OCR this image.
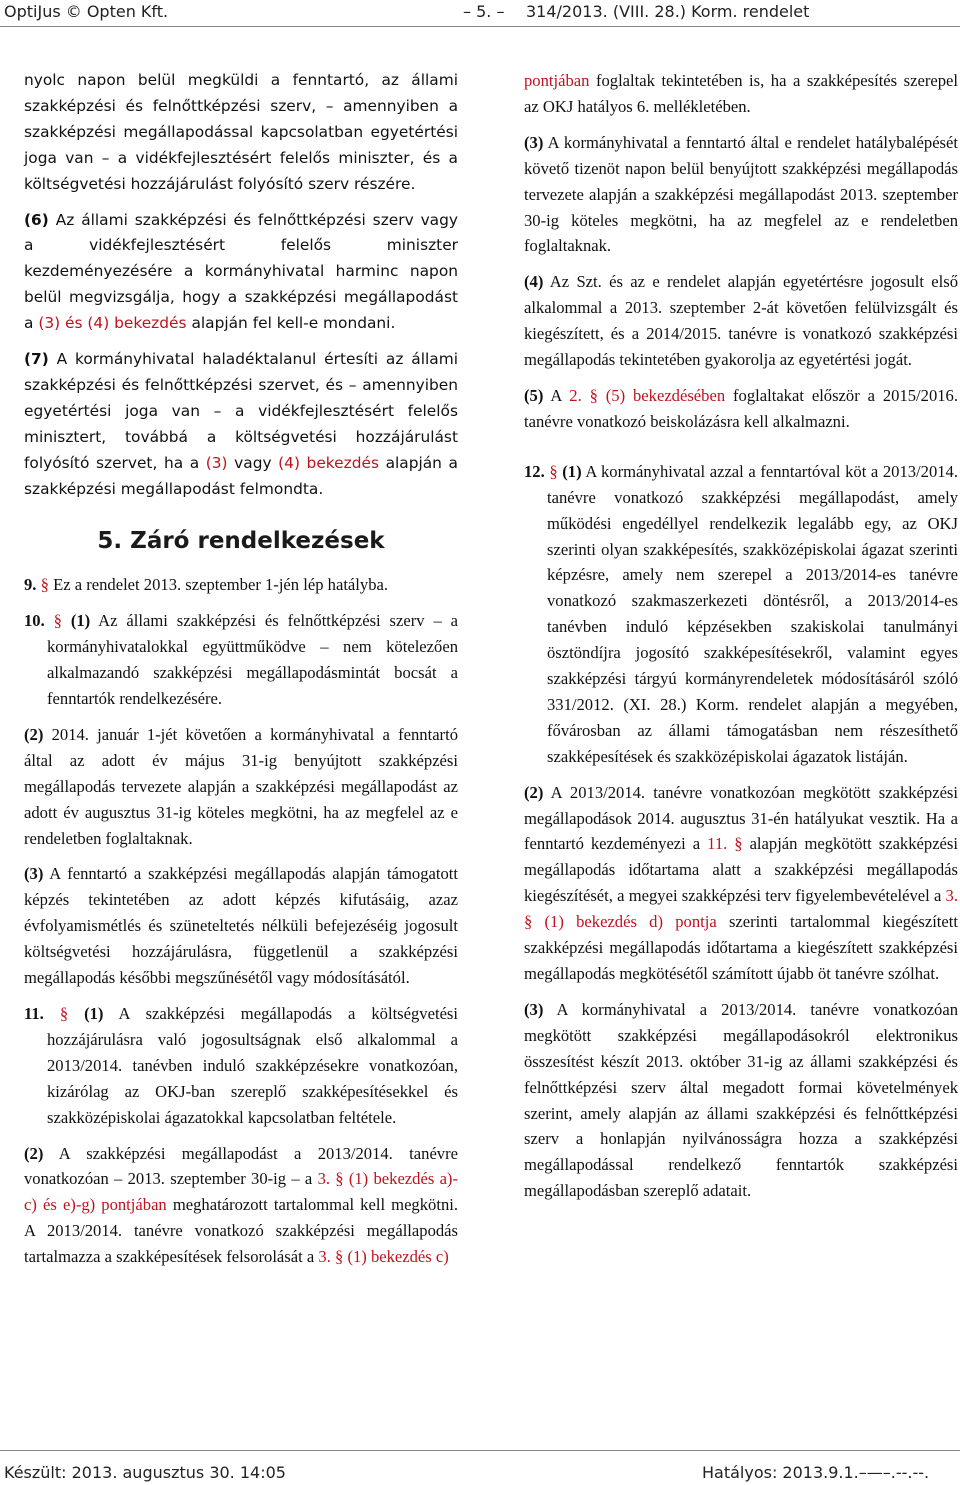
OptiJus © Opten Kft.	– 5. – 314/2013. (VIII. 28.) Korm. rendelet

nyolc napon belül megküldi a fenntartó, az állami szakképzési és felnőttképzési szerv, – amennyiben a szakképzési megállapodással kapcsolatban egyetértési joga van – a vidékfejlesztésért felelős miniszter, és a költségvetési hozzájárulást folyósító szerv részére.

(6) Az állami szakképzési és felnőttképzési szerv vagy a vidékfejlesztésért felelős miniszter kezdeményezésére a kormányhivatal harminc napon belül megvizsgálja, hogy a szakképzési megállapodást a (3) és (4) bekezdés alapján fel kell-e mondani.

(7) A kormányhivatal haladéktalanul értesíti az állami szakképzési és felnőttképzési szervet, és – amennyiben egyetértési joga van – a vidékfejlesztésért felelős minisztert, továbbá a költségvetési hozzájárulást folyósító szervet, ha a (3) vagy (4) bekezdés alapján a szakképzési megállapodást felmondta.

5. Záró rendelkezések

9. § Ez a rendelet 2013. szeptember 1-jén lép hatályba.

10. § (1) Az állami szakképzési és felnőttképzési szerv – a kormányhivatalokkal együttműködve – nem kötelezően alkalmazandó szakképzési megállapodásmintát bocsát a fenntartók rendelkezésére.

(2) 2014. január 1-jét követően a kormányhivatal a fenntartó által az adott év május 31-ig benyújtott szakképzési megállapodás tervezete alapján a szakképzési megállapodást az adott év augusztus 31-ig köteles megkötni, ha az megfelel az e rendeletben foglaltaknak.

(3) A fenntartó a szakképzési megállapodás alapján támogatott képzés tekintetében az adott képzés kifutásáig, azaz évfolyamismétlés és szüneteltetés nélküli befejezéséig jogosult költségvetési hozzájárulásra, függetlenül a szakképzési megállapodás későbbi megszűnésétől vagy módosításától.

11. § (1) A szakképzési megállapodás a költségvetési hozzájárulásra való jogosultságnak első alkalommal a 2013/2014. tanévben induló szakképzésekre vonatkozóan, kizárólag az OKJ-ban szereplő szakképesítésekkel és szakközépiskolai ágazatokkal kapcsolatban feltétele.

(2) A szakképzési megállapodást a 2013/2014. tanévre vonatkozóan – 2013. szeptember 30-ig – a 3. § (1) bekezdés a)-c) és e)-g) pontjában meghatározott tartalommal kell megkötni. A 2013/2014. tanévre vonatkozó szakképzési megállapodás tartalmazza a szakképesítések felsorolását a 3. § (1) bekezdés c)

pontjában foglaltak tekintetében is, ha a szakképesítés szerepel az OKJ hatályos 6. mellékletében.

(3) A kormányhivatal a fenntartó által e rendelet hatálybalépését követő tizenöt napon belül benyújtott szakképzési megállapodás tervezete alapján a szakképzési megállapodást 2013. szeptember 30-ig köteles megkötni, ha az megfelel az e rendeletben foglaltaknak.

(4) Az Szt. és az e rendelet alapján egyetértésre jogosult első alkalommal a 2013. szeptember 2-át követően felülvizsgált és kiegészített, és a 2014/2015. tanévre is vonatkozó szakképzési megállapodás tekintetében gyakorolja az egyetértési jogát.

(5) A 2. § (5) bekezdésében foglaltakat először a 2015/2016. tanévre vonatkozó beiskolázásra kell alkalmazni.

12. § (1) A kormányhivatal azzal a fenntartóval köt a 2013/2014. tanévre vonatkozó szakképzési megállapodást, amely működési engedéllyel rendelkezik legalább egy, az OKJ szerinti olyan szakképesítés, szakközépiskolai ágazat szerinti képzésre, amely nem szerepel a 2013/2014-es tanévre vonatkozó szakmaszerkezeti döntésről, a 2013/2014-es tanévben induló képzésekben szakiskolai tanulmányi ösztöndíjra jogosító szakképesítésekről, valamint egyes szakképzési tárgyú kormányrendeletek módosításáról szóló 331/2012. (XI. 28.) Korm. rendelet alapján a megyében, fővárosban az állami támogatásban nem részesíthető szakképesítések és szakközépiskolai ágazatok listáján.

(2) A 2013/2014. tanévre vonatkozóan megkötött szakképzési megállapodások 2014. augusztus 31-én hatályukat vesztik. Ha a fenntartó kezdeményezi a 11. § alapján megkötött szakképzési megállapodás időtartama alatt a szakképzési megállapodás kiegészítését, a megyei szakképzési terv figyelembevételével a 3. § (1) bekezdés d) pontja szerinti tartalommal kiegészített szakképzési megállapodás időtartama a kiegészített szakképzési megállapodás megkötésétől számított újabb öt tanévre szólhat.

(3) A kormányhivatal a 2013/2014. tanévre vonatkozóan megkötött szakképzési megállapodásokról elektronikus összesítést készít 2013. október 31-ig az állami szakképzési és felnőttképzési szerv által megadott formai követelmények szerint, amely alapján az állami szakképzési és felnőttképzési szerv a honlapján nyilvánosságra hozza a szakképzési megállapodással rendelkező fenntartók szakképzési megállapodásban szereplő adatait.

Készült: 2013. augusztus 30. 14:05	Hatályos: 2013.9.1.–—–.--.--.
